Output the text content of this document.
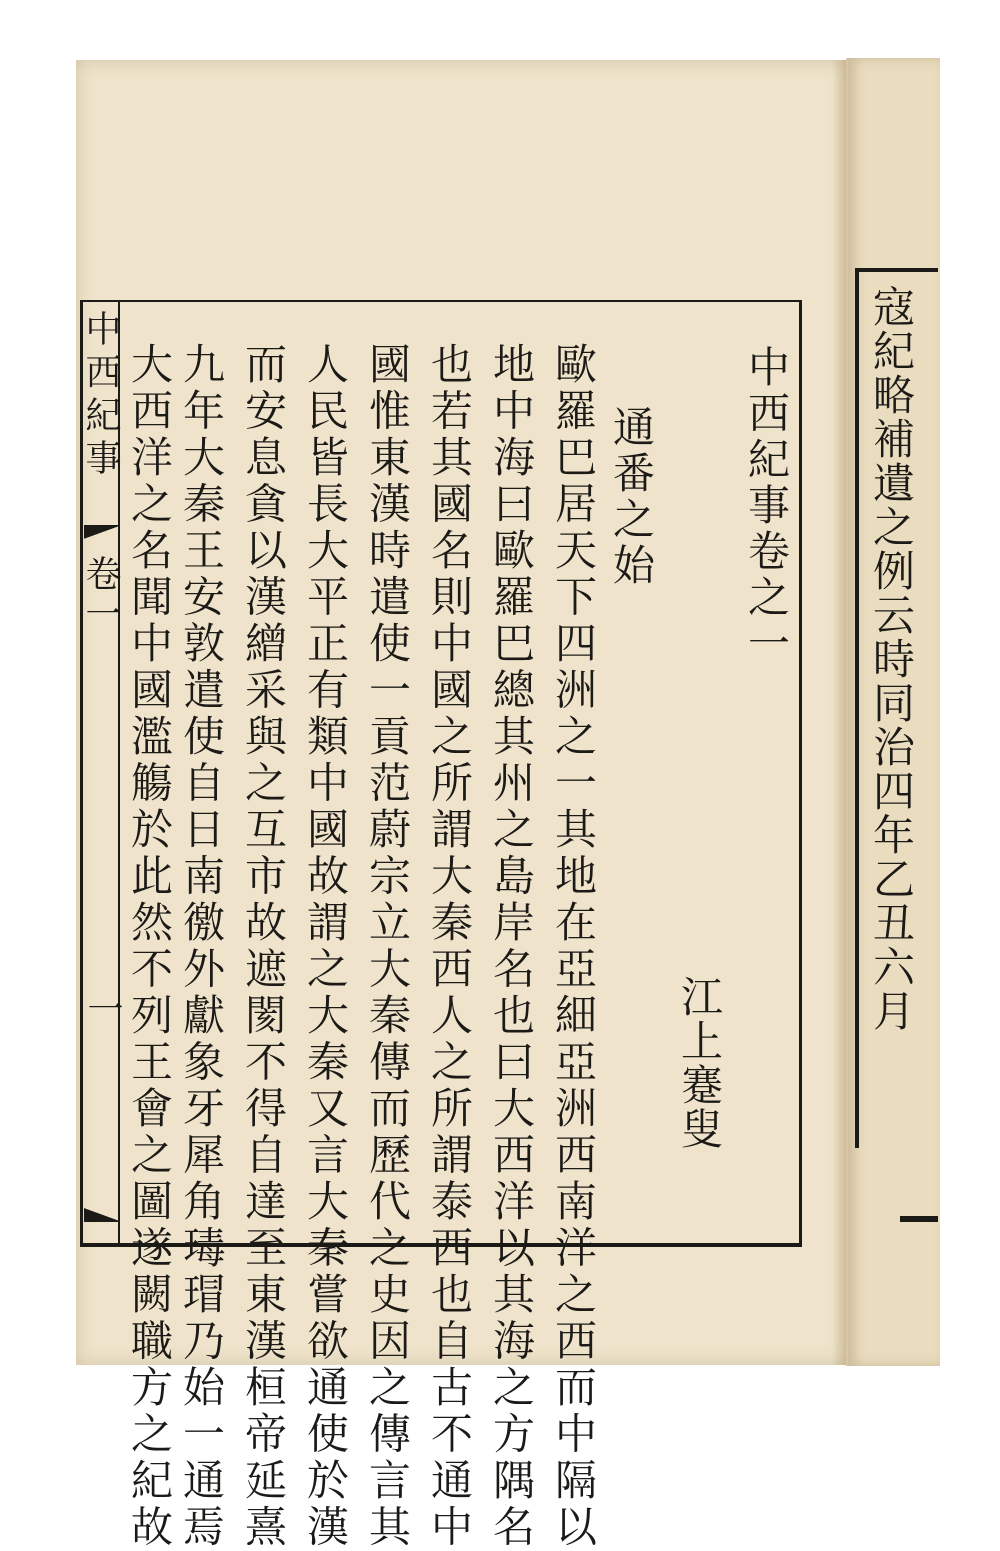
中西紀事
卷一
一
中西紀事卷之一
通番之始
江上蹇叟
歐羅巴居天下四洲之一其地在亞細亞洲西南洋之西而中隔以
地中海曰歐羅巴總其州之島岸名也曰大西洋以其海之方隅名
也若其國名則中國之所謂大秦西人之所謂泰西也自古不通中
國惟東漢時遣使一貢范蔚宗立大秦傳而歷代之史因之傳言其
人民皆長大平正有類中國故謂之大秦又言大秦嘗欲通使於漢
而安息貪以漢繒采與之互市故遮閡不得自達至東漢桓帝延熹
九年大秦王安敦遣使自日南徼外獻象牙犀角瑇瑁乃始一通焉
大西洋之名聞中國濫觴於此然不列王會之圖遂闕職方之紀故	寇紀略補遺之例云時同治四年乙丑六月
